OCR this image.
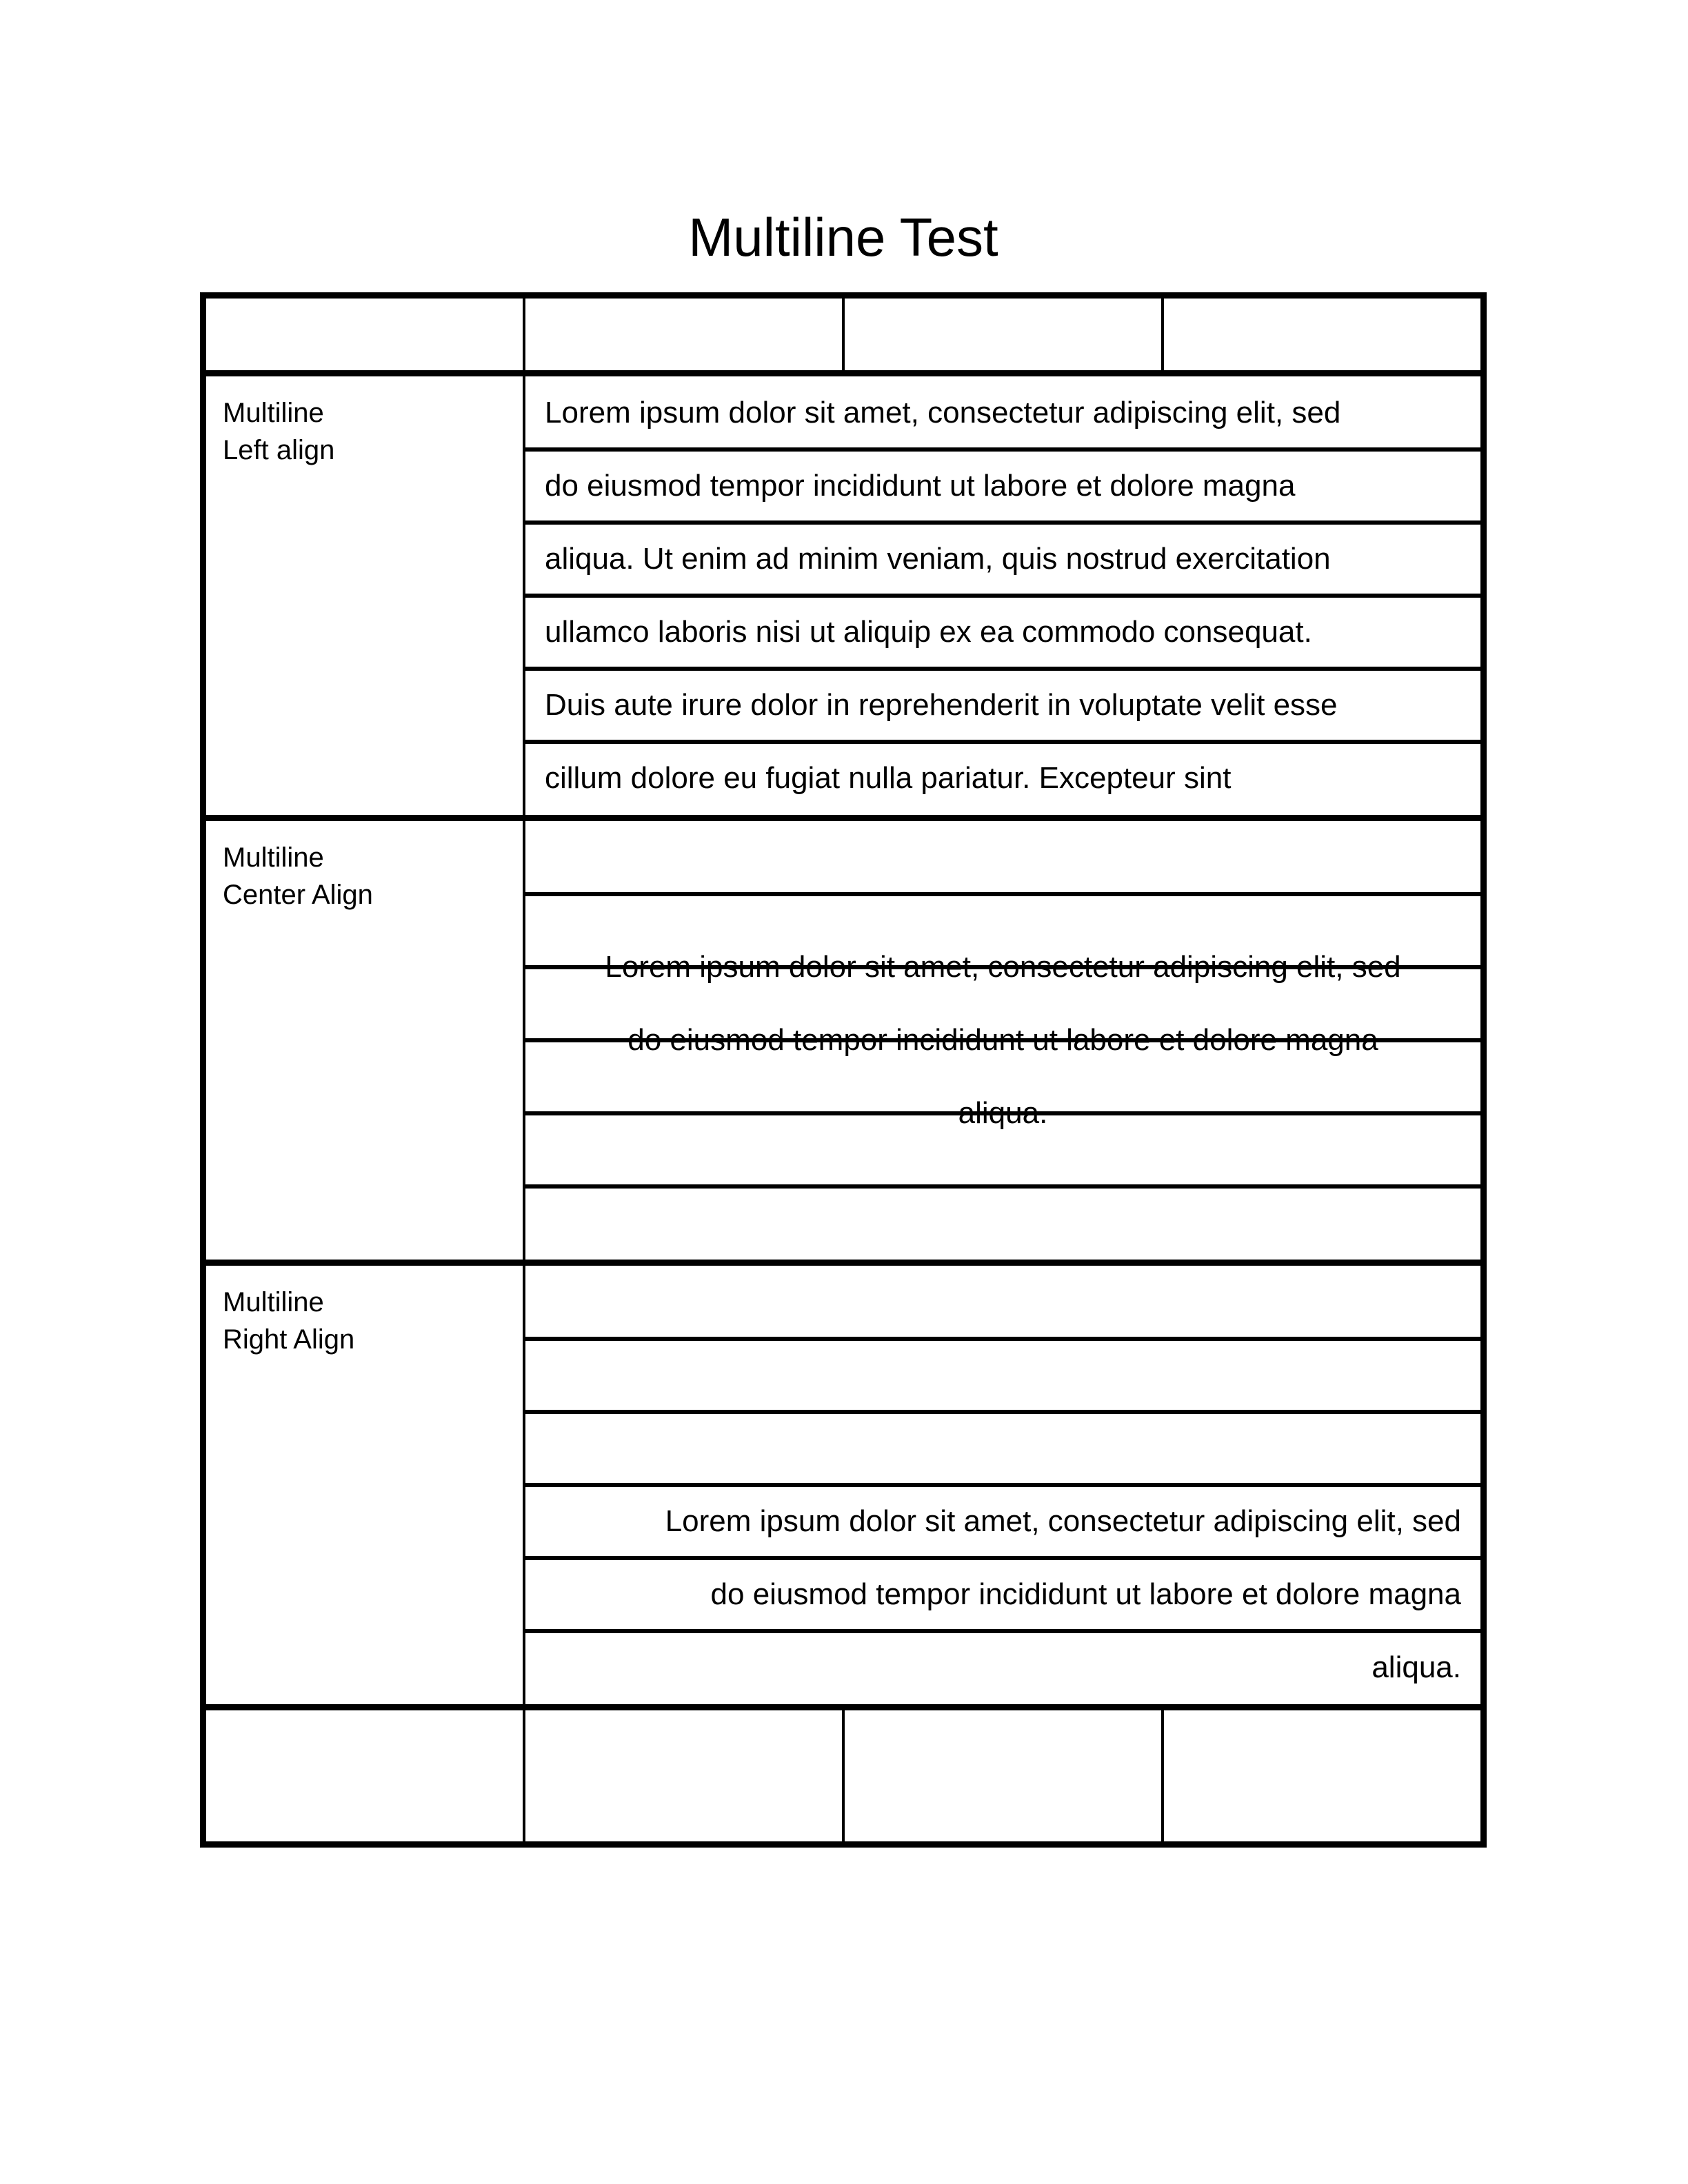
Multiline Test
Multiline
Left align
Lorem ipsum dolor sit amet, consectetur adipiscing elit, sed
do eiusmod tempor incididunt ut labore et dolore magna
aliqua. Ut enim ad minim veniam, quis nostrud exercitation
ullamco laboris nisi ut aliquip ex ea commodo consequat.
Duis aute irure dolor in reprehenderit in voluptate velit esse
cillum dolore eu fugiat nulla pariatur. Excepteur sint
Multiline
Center Align
Lorem ipsum dolor sit amet, consectetur adipiscing elit, sed
do eiusmod tempor incididunt ut labore et dolore magna
aliqua.
Multiline
Right Align
Lorem ipsum dolor sit amet, consectetur adipiscing elit, sed
do eiusmod tempor incididunt ut labore et dolore magna
aliqua.
